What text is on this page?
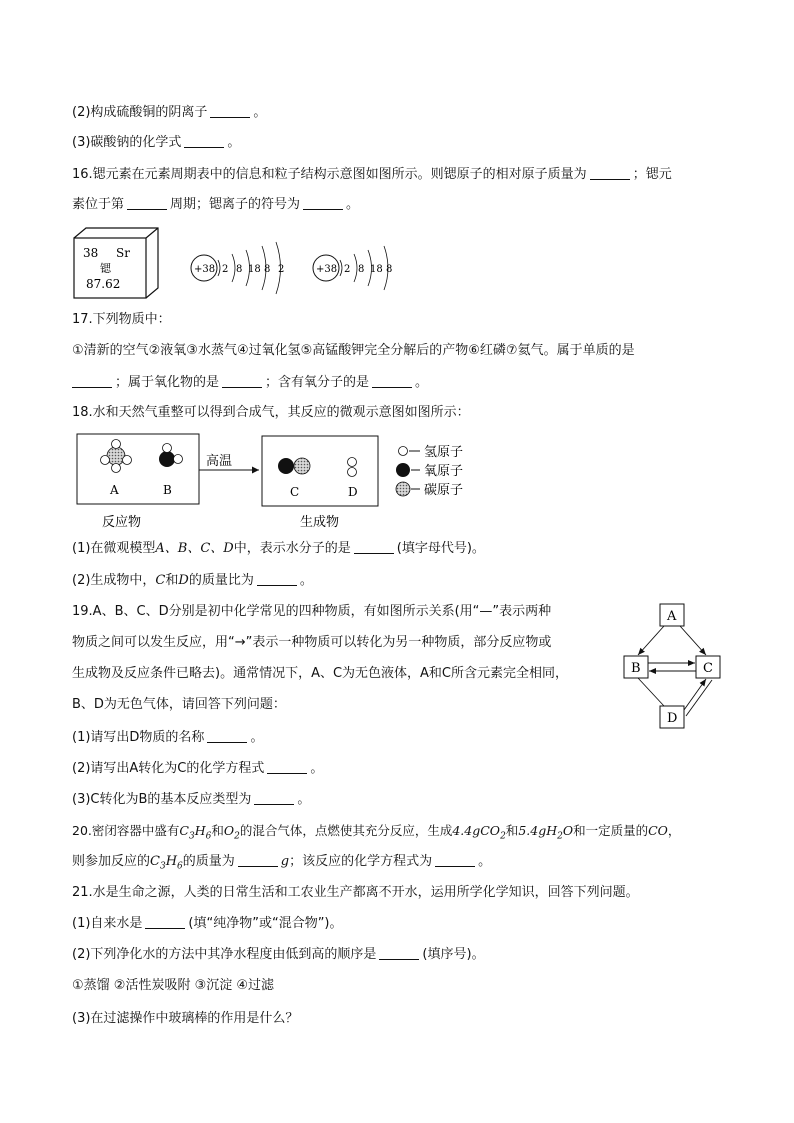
(2)构成硫酸铜的阴离子	。
(3)碳酸钠的化学式	。
16.锶元素在元素周期表中的信息和粒子结构示意图如图所示。则锶原子的相对原子质量为	；锶元
素位于第	周期；锶离子的符号为	。
38 Sr
锶
87.62
+38 2 8 18 8 2	+38 2 8 18 8
17.下列物质中：
①清新的空气②液氧③水蒸气④过氧化氢⑤高锰酸钾完全分解后的产物⑥红磷⑦氦气。属于单质的是
；属于氧化物的是	；含有氧分子的是	。
18.水和天然气重整可以得到合成气，其反应的微观示意图如图所示：
A	B
高温
C	D
氢原子
氧原子
碳原子
反应物	生成物
(1)在微观模型A、B、C、D中，表示水分子的是	(填字母代号)。
(2)生成物中，C和D的质量比为	。
19.A、B、C、D分别是初中化学常见的四种物质，有如图所示关系(用“—”表示两种
物质之间可以发生反应，用“→”表示一种物质可以转化为另一种物质，部分反应物或
生成物及反应条件已略去)。通常情况下，A、C为无色液体，A和C所含元素完全相同，
B、D为无色气体，请回答下列问题：
(1)请写出D物质的名称	。
(2)请写出A转化为C的化学方程式	。
(3)C转化为B的基本反应类型为	。
A
B	C
D
20.密闭容器中盛有$C_3H_6$和$O_2$的混合气体，点燃使其充分反应，生成4.4gCO$_2$和$5.4gH_2O$和一定质量的CO，
则参加反应的$C_3H_6$的质量为	g；该反应的化学方程式为	。
21.水是生命之源，人类的日常生活和工农业生产都离不开水，运用所学化学知识，回答下列问题。
(1)自来水是	(填“纯净物”或“混合物”)。
(2)下列净化水的方法中其净水程度由低到高的顺序是	(填序号)。
①蒸馏 ②活性炭吸附 ③沉淀 ④过滤
(3)在过滤操作中玻璃棒的作用是什么？
